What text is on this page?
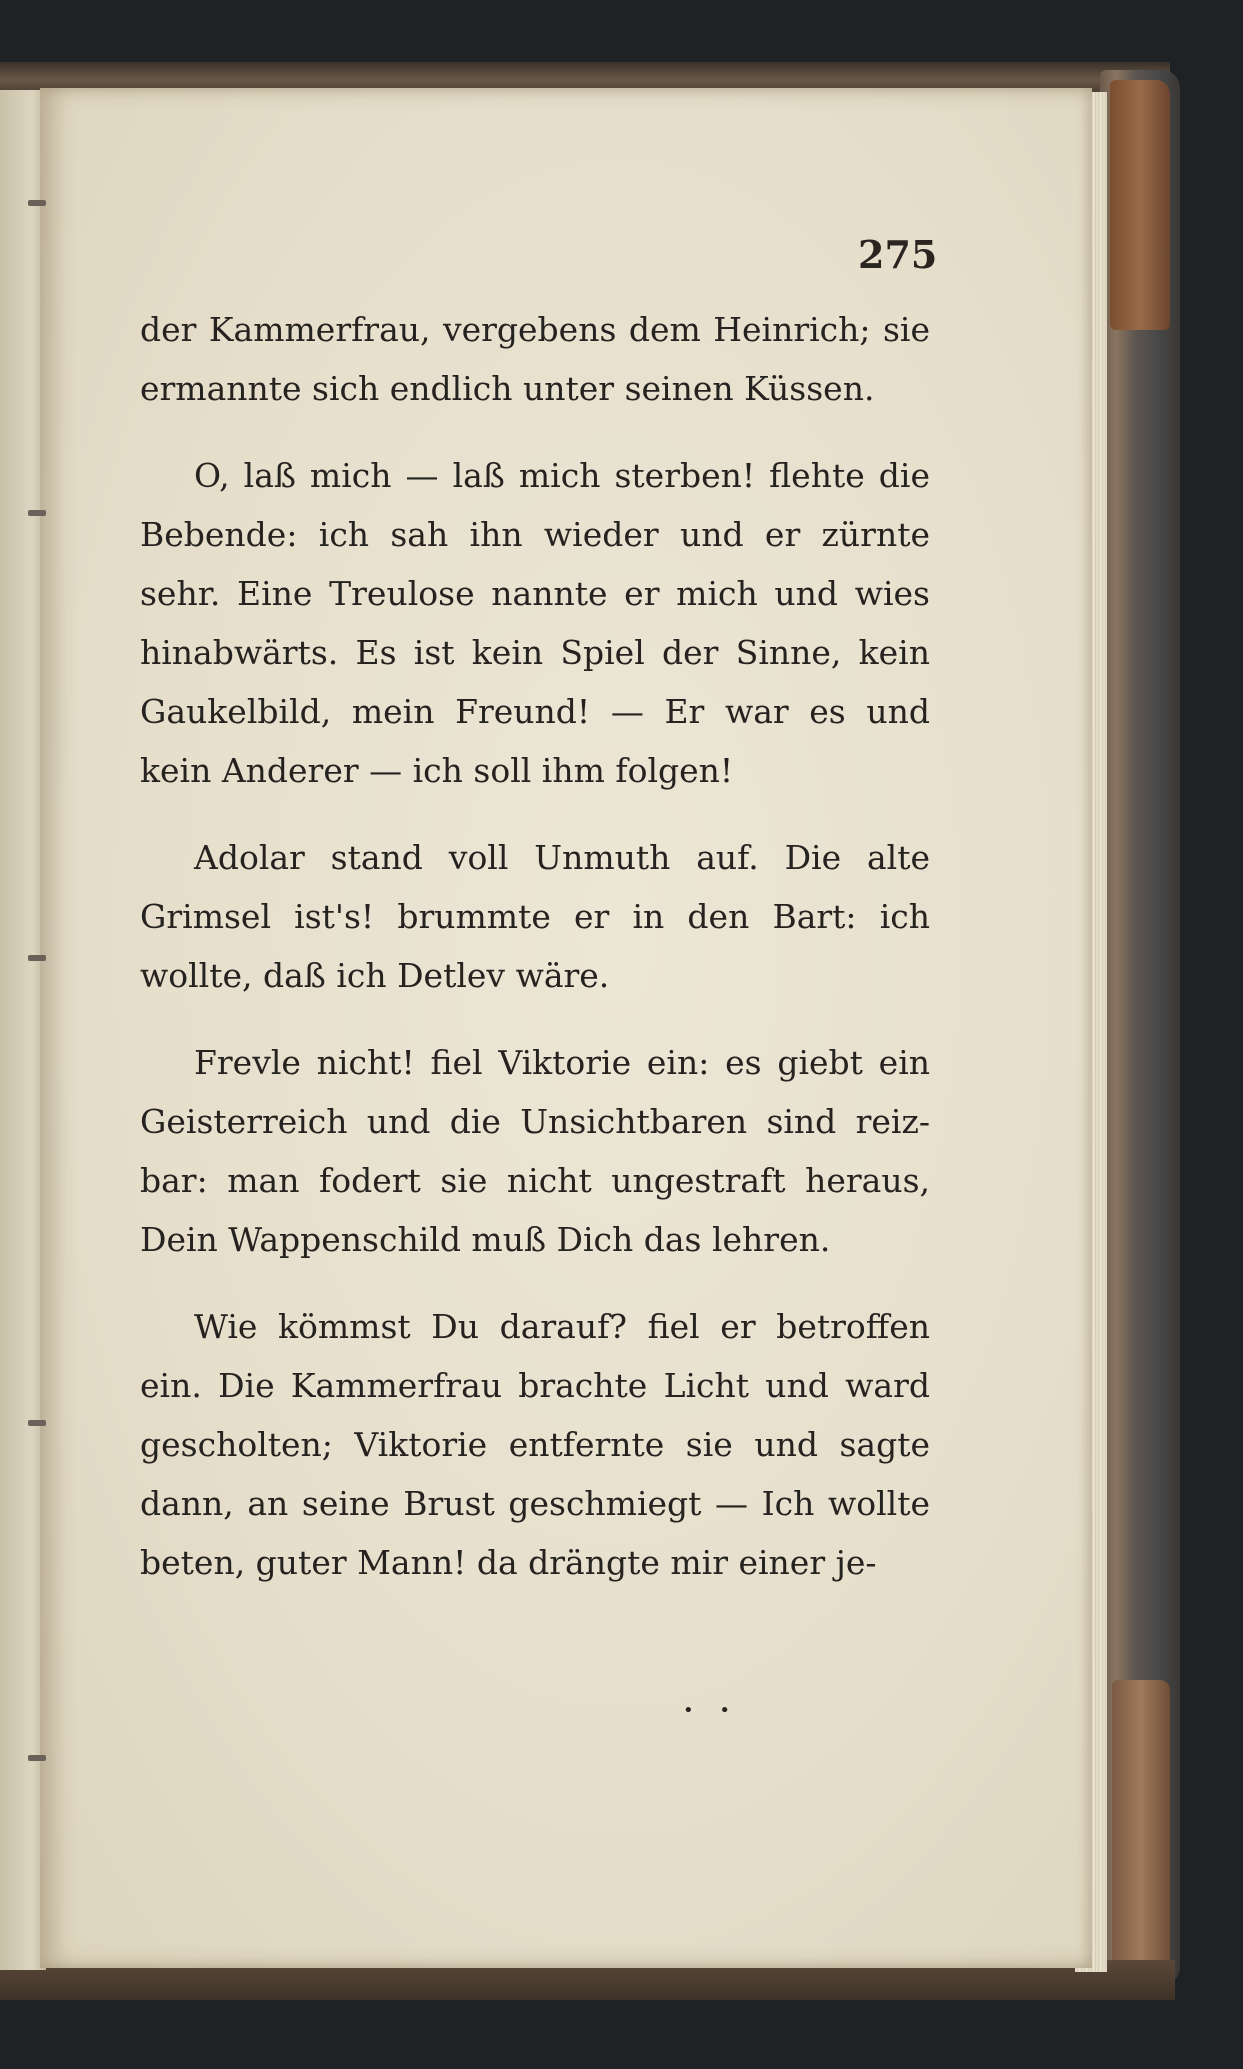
275

der Kammerfrau, vergebens dem Heinrich; sie ermannte sich endlich unter seinen Küssen.

O, laß mich — laß mich sterben! flehte die Bebende: ich sah ihn wieder und er zürnte sehr. Eine Treulose nannte er mich und wies hinabwärts. Es ist kein Spiel der Sinne, kein Gaukelbild, mein Freund! — Er war es und kein Anderer — ich soll ihm folgen!

Adolar stand voll Unmuth auf. Die alte Grimsel ist's! brummte er in den Bart: ich wollte, daß ich Detlev wäre.

Frevle nicht! fiel Viktorie ein: es giebt ein Geisterreich und die Unsichtbaren sind reiz-bar: man fodert sie nicht ungestraft heraus, Dein Wappenschild muß Dich das lehren.

Wie kömmst Du darauf? fiel er betroffen ein. Die Kammerfrau brachte Licht und ward gescholten; Viktorie entfernte sie und sagte dann, an seine Brust geschmiegt — Ich wollte beten, guter Mann! da drängte mir einer je-

• •
